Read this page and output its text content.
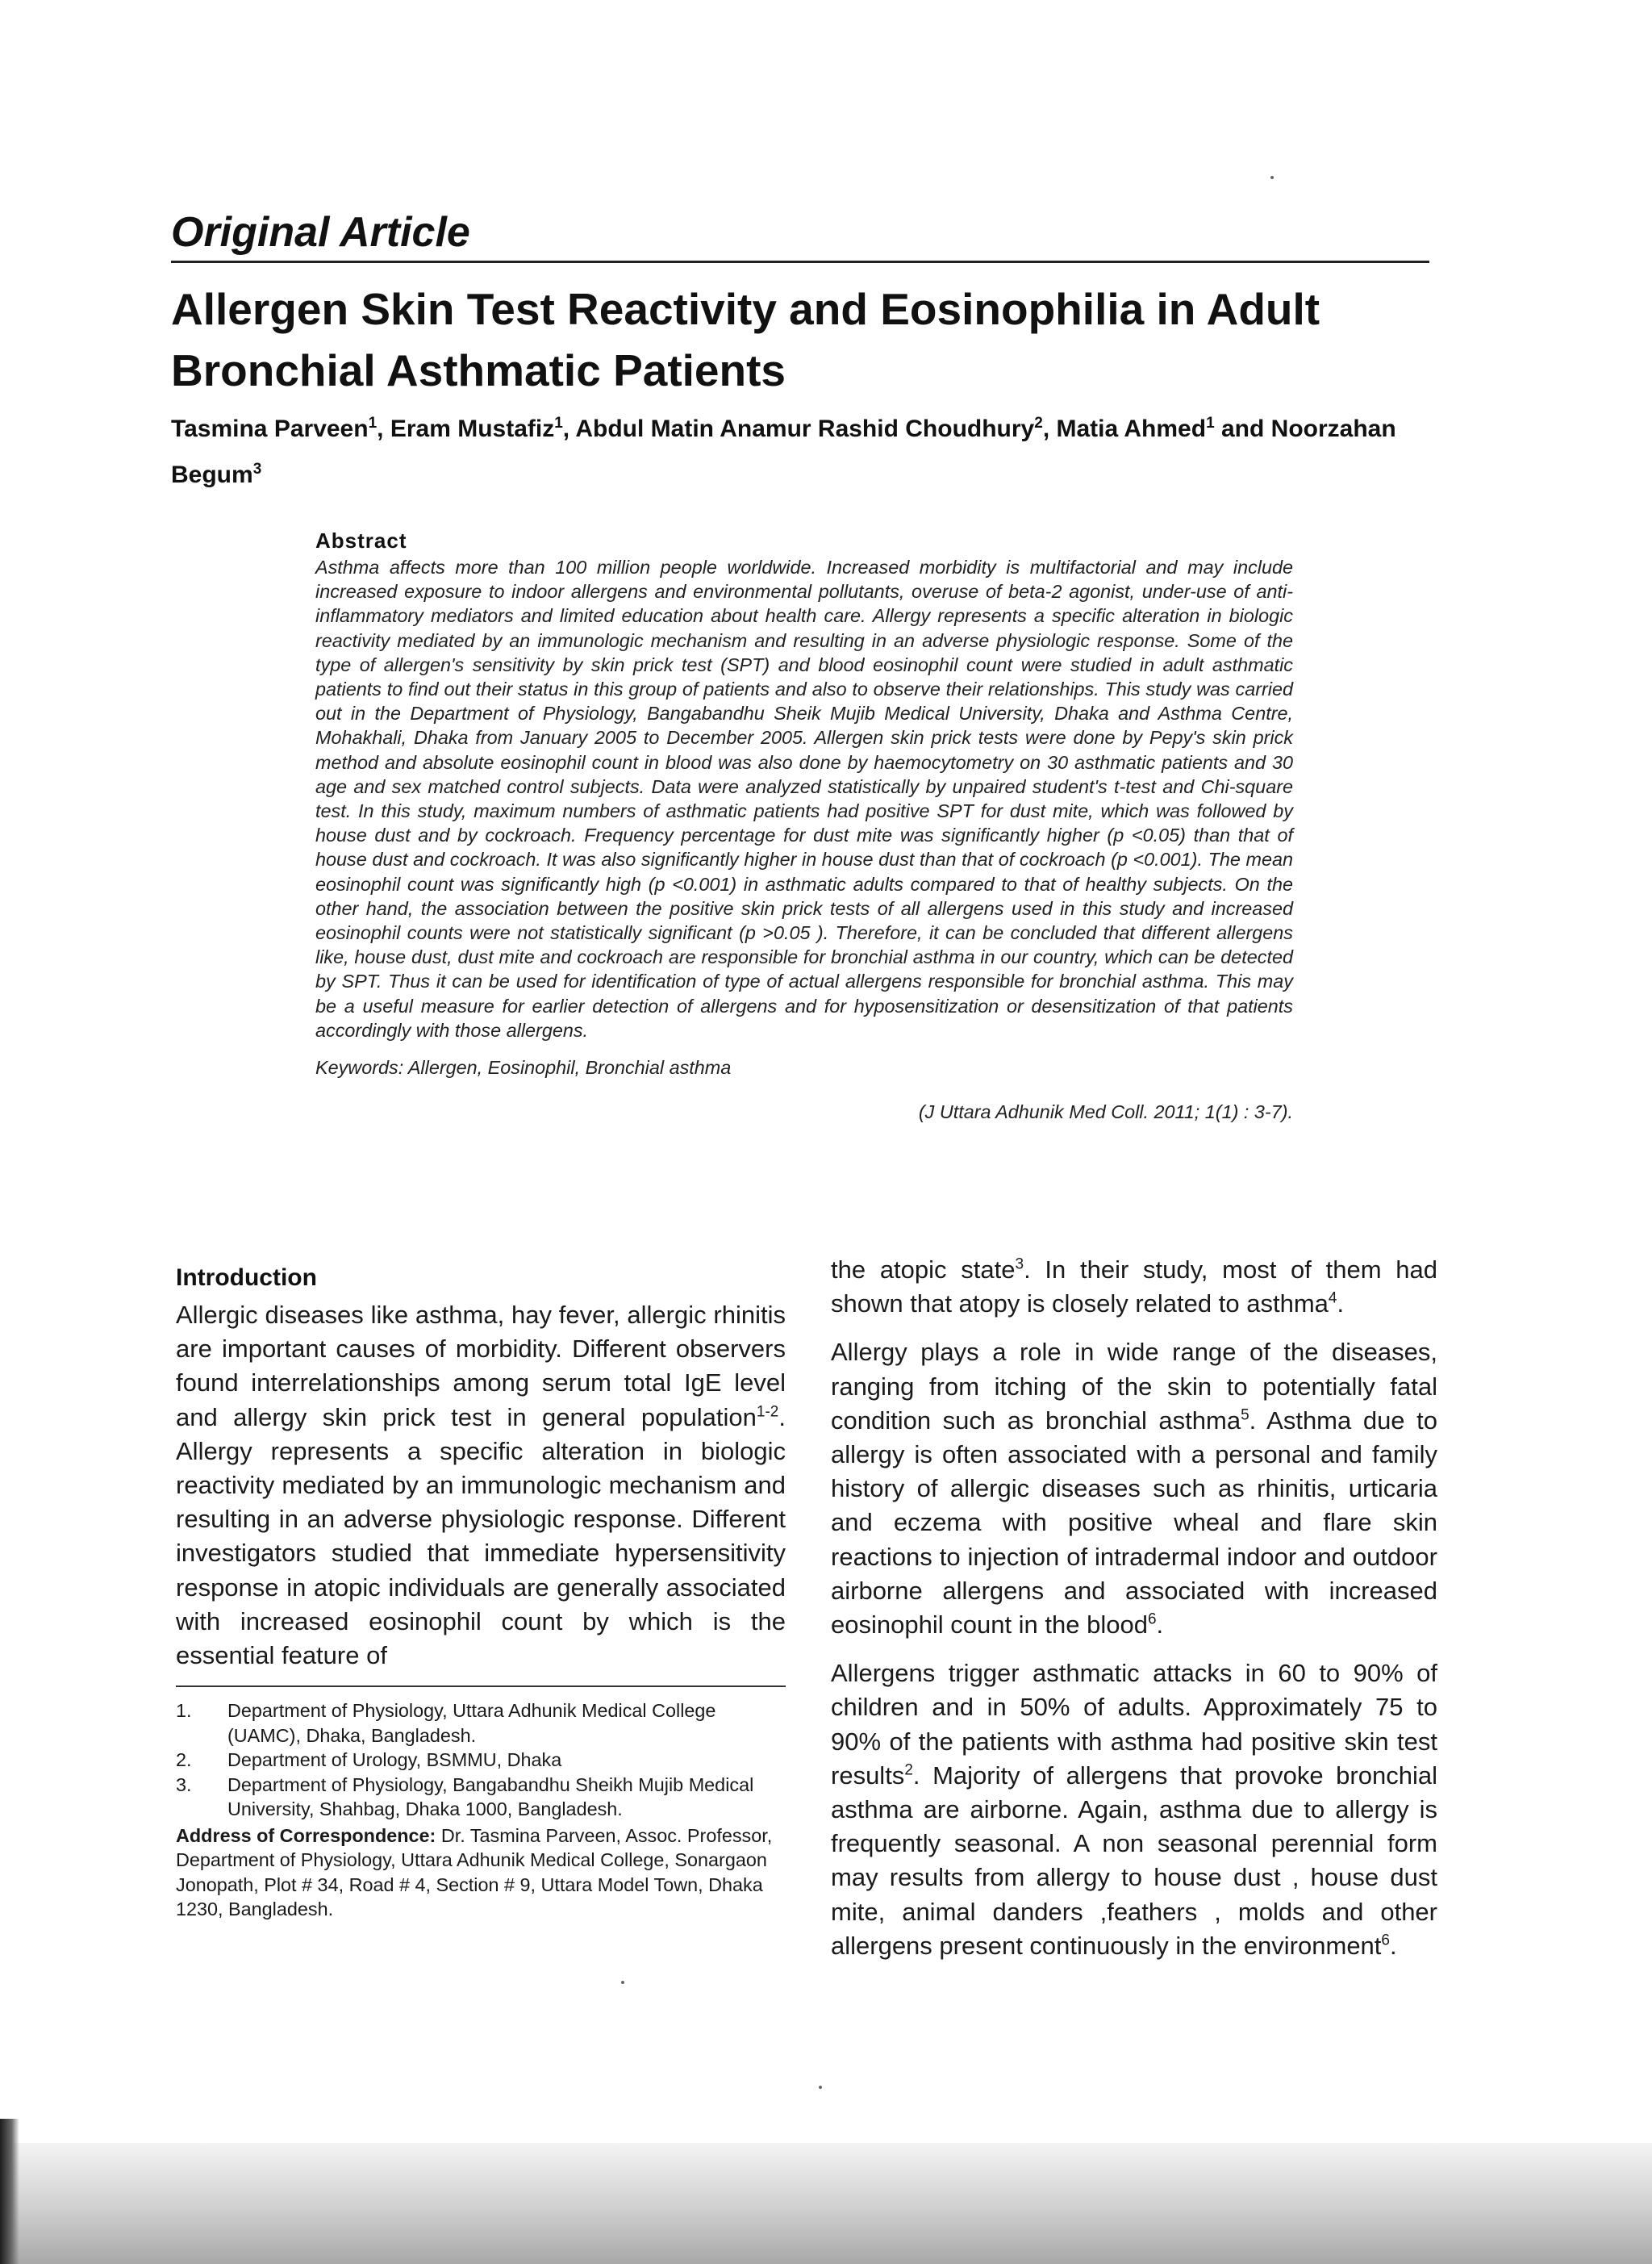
Original Article
Allergen Skin Test Reactivity and Eosinophilia in Adult Bronchial Asthmatic Patients

Tasmina Parveen$^1$, Eram Mustafiz$^1$, Abdul Matin Anamur Rashid Choudhury$^2$, Matia Ahmed$^1$ and Noorzahan Begum$^3$

Abstract

Asthma affects more than 100 million people worldwide. Increased morbidity is multifactorial and may include increased exposure to indoor allergens and environmental pollutants, overuse of beta-2 agonist, under-use of anti-inflammatory mediators and limited education about health care. Allergy represents a specific alteration in biologic reactivity mediated by an immunologic mechanism and resulting in an adverse physiologic response. Some of the type of allergen's sensitivity by skin prick test (SPT) and blood eosinophil count were studied in adult asthmatic patients to find out their status in this group of patients and also to observe their relationships. This study was carried out in the Department of Physiology, Bangabandhu Sheik Mujib Medical University, Dhaka and Asthma Centre, Mohakhali, Dhaka from January 2005 to December 2005. Allergen skin prick tests were done by Pepy's skin prick method and absolute eosinophil count in blood was also done by haemocytometry on 30 asthmatic patients and 30 age and sex matched control subjects. Data were analyzed statistically by unpaired student's t-test and Chi-square test. In this study, maximum numbers of asthmatic patients had positive SPT for dust mite, which was followed by house dust and by cockroach. Frequency percentage for dust mite was significantly higher (p <0.05) than that of house dust and cockroach. It was also significantly higher in house dust than that of cockroach (p <0.001). The mean eosinophil count was significantly high (p <0.001) in asthmatic adults compared to that of healthy subjects. On the other hand, the association between the positive skin prick tests of all allergens used in this study and increased eosinophil counts were not statistically significant (p >0.05 ). Therefore, it can be concluded that different allergens like, house dust, dust mite and cockroach are responsible for bronchial asthma in our country, which can be detected by SPT. Thus it can be used for identification of type of actual allergens responsible for bronchial asthma. This may be a useful measure for earlier detection of allergens and for hyposensitization or desensitization of that patients accordingly with those allergens.

Keywords: Allergen, Eosinophil, Bronchial asthma
(J Uttara Adhunik Med Coll. 2011; 1(1) : 3-7).
Introduction

Allergic diseases like asthma, hay fever, allergic rhinitis are important causes of morbidity. Different observers found interrelationships among serum total IgE level and allergy skin prick test in general population$^{1-2}$. Allergy represents a specific alteration in biologic reactivity mediated by an immunologic mechanism and resulting in an adverse physiologic response. Different investigators studied that immediate hypersensitivity response in atopic individuals are generally associated with increased eosinophil count by which is the essential feature of

1.	Department of Physiology, Uttara Adhunik Medical College (UAMC), Dhaka, Bangladesh.
2.	Department of Urology, BSMMU, Dhaka
3.	Department of Physiology, Bangabandhu Sheikh Mujib Medical University, Shahbag, Dhaka 1000, Bangladesh.

Address of Correspondence: Dr. Tasmina Parveen, Assoc. Professor, Department of Physiology, Uttara Adhunik Medical College, Sonargaon Jonopath, Plot # 34, Road # 4, Section # 9, Uttara Model Town, Dhaka 1230, Bangladesh.

the atopic state$^3$. In their study, most of them had shown that atopy is closely related to asthma$^4$.

Allergy plays a role in wide range of the diseases, ranging from itching of the skin to potentially fatal condition such as bronchial asthma$^5$. Asthma due to allergy is often associated with a personal and family history of allergic diseases such as rhinitis, urticaria and eczema with positive wheal and flare skin reactions to injection of intradermal indoor and outdoor airborne allergens and associated with increased eosinophil count in the blood$^6$.

Allergens trigger asthmatic attacks in 60 to 90% of children and in 50% of adults. Approximately 75 to 90% of the patients with asthma had positive skin test results$^2$. Majority of allergens that provoke bronchial asthma are airborne. Again, asthma due to allergy is frequently seasonal. A non seasonal perennial form may results from allergy to house dust , house dust mite, animal danders ,feathers , molds and other allergens present continuously in the environment$^6$.
